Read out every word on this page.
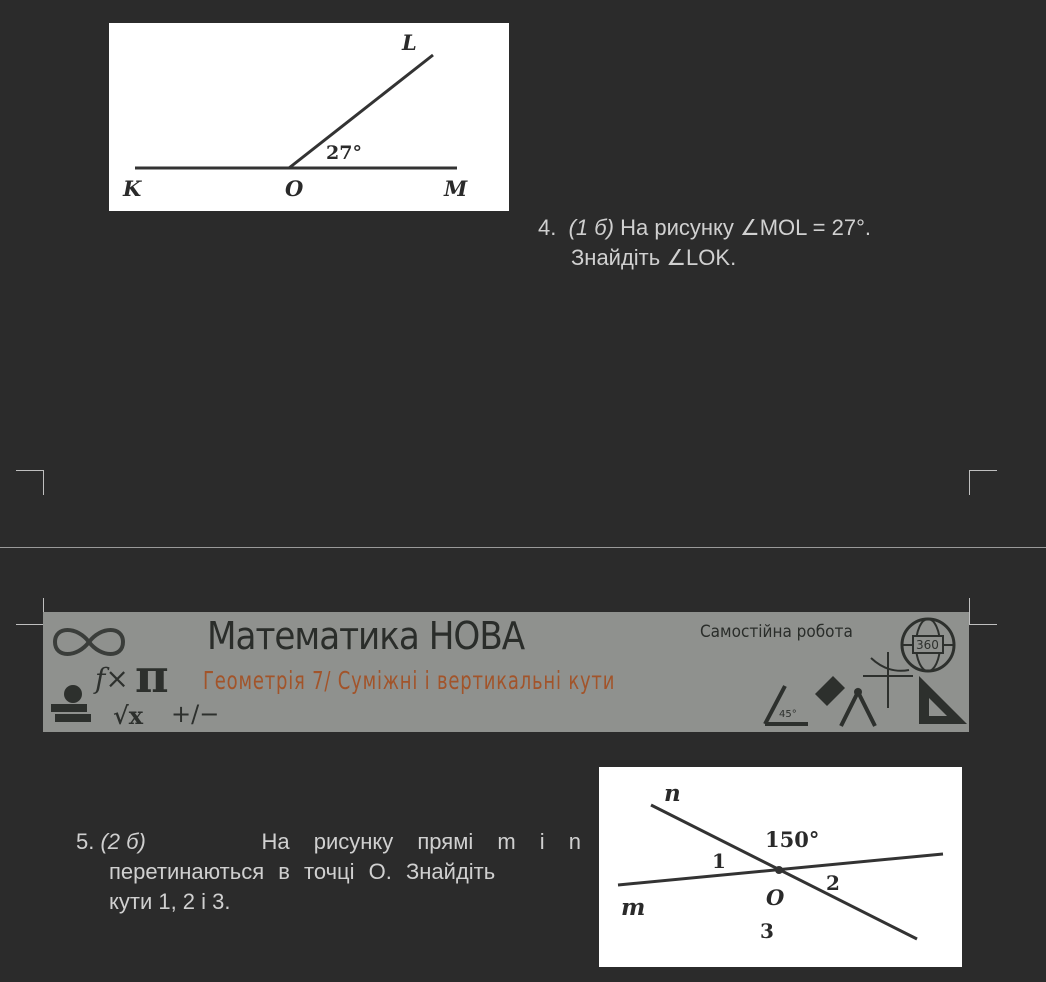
L
27°
K	O	M
4. (1 б) На рисунку ∠MOL = 27°.
Знайдіть ∠LOK.
f× π
√x +∕−
360
45°
Математика НОВА
Геометрія 7/ Суміжні і вертикальні кути
Самостійна робота
5. (2 б)	На рисунку прямі m і n
перетинаються в точці O. Знайдіть
кути 1, 2 і 3.
n
150°
1
2
O
m
3
